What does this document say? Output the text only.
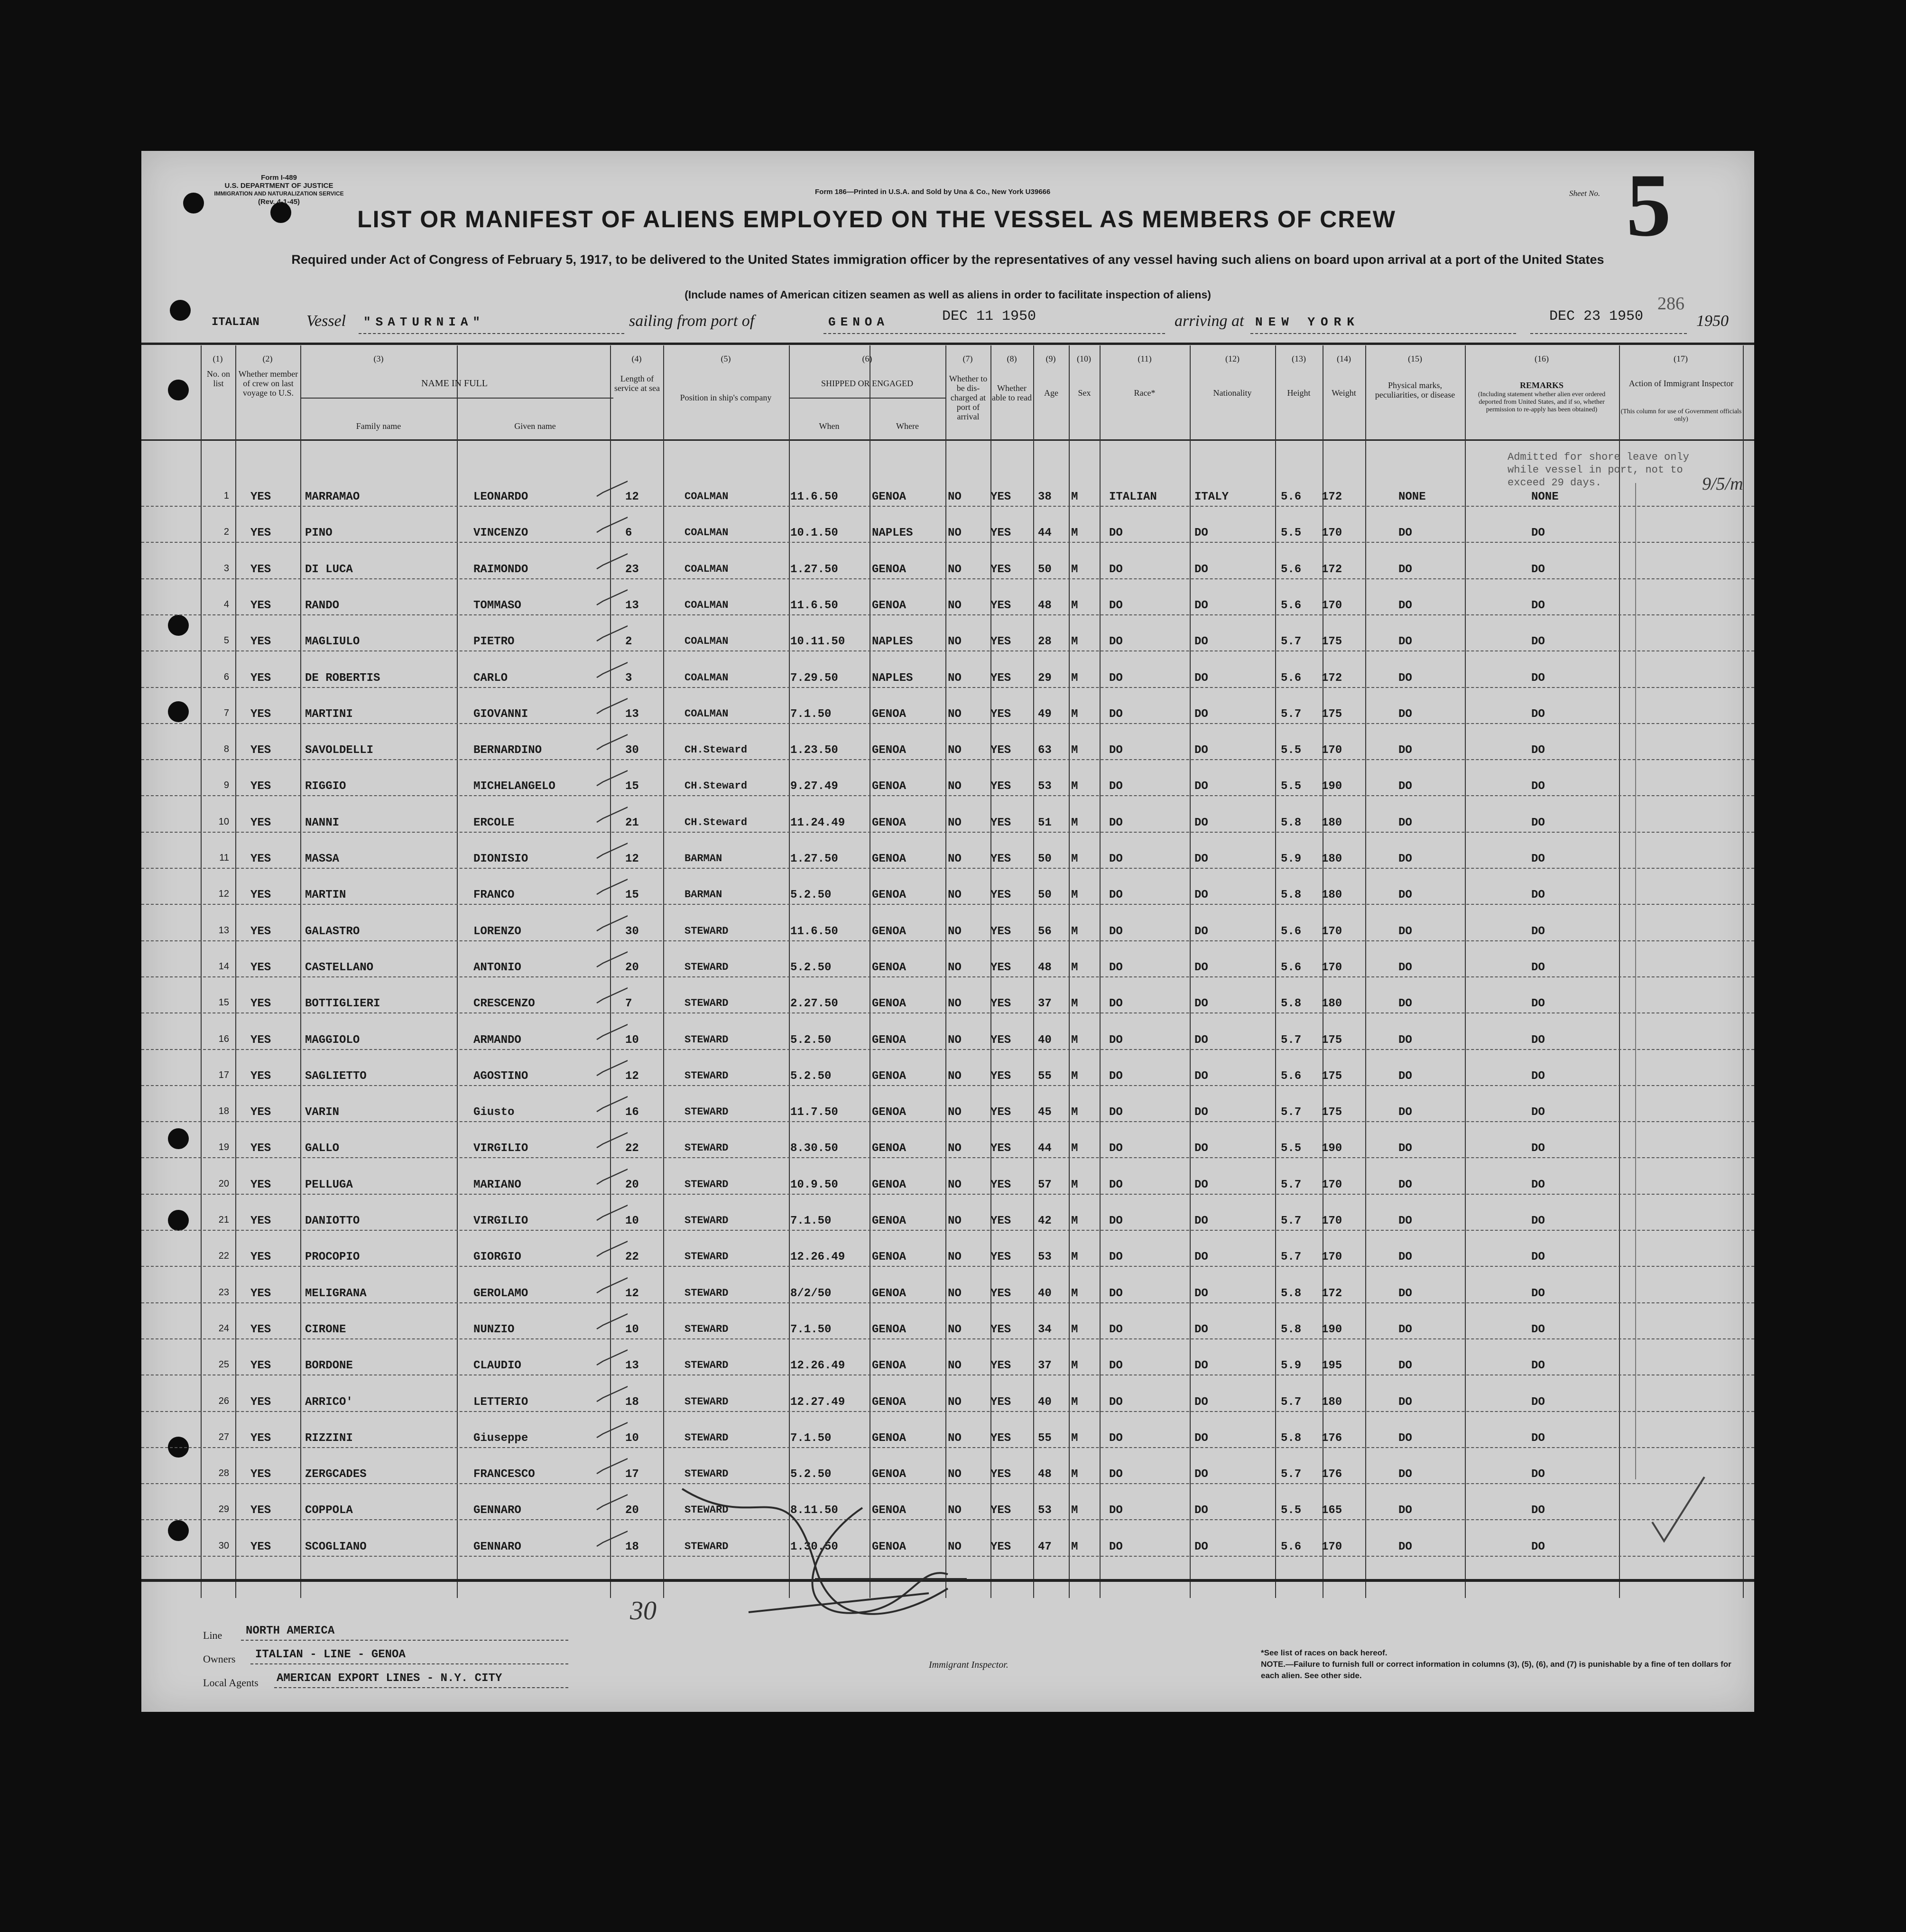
Form I-489
U.S. DEPARTMENT OF JUSTICE
IMMIGRATION AND NATURALIZATION SERVICE
(Rev. 4-1-45)
Form 186—Printed in U.S.A. and Sold by Una & Co., New York U39666	Sheet No. 5
286
LIST OR MANIFEST OF ALIENS EMPLOYED ON THE VESSEL AS MEMBERS OF CREW
Required under Act of Congress of February 5, 1917, to be delivered to the United States immigration officer by the representatives of any vessel having such aliens on board upon arrival at a port of the United States
(Include names of American citizen seamen as well as aliens in order to facilitate inspection of aliens)
ITALIAN	Vessel "SATURNIA"	sailing from port of	GENOA	DEC 11 1950	arriving at NEW YORK	DEC 23 1950	1950
(1)	(2)	(3)	(4)	(5)	(6)	(7)	(8)	(9)	(10)	(11)	(12)	(13)	(14)	(15)	(16)	(17)
No. on list
Whether member of crew on last voyage to U.S.
NAME IN FULL
Family name	Given name
Length of service at sea
Position in ship's company
SHIPPED OR ENGAGED
When	Where
Whether to be dis-charged at port of arrival
Whether able to read	Age	Sex	Race*	Nationality	Height	Weight
Physical marks, peculiarities, or disease
REMARKS
(Including statement whether alien ever ordered deported from United States, and if so, whether permission to re-apply has been obtained)
Action of Immigrant Inspector
(This column for use of Government officials only)
1 YES	MARRAMAO	LEONARDO	12	COALMAN	11.6.50	GENOA	NO	YES 38 M	ITALIAN	ITALY	5.6 172	NONE	NONE
2 YES	PINO	VINCENZO	6	COALMAN	10.1.50	NAPLES	NO	YES 44 M	DO	DO	5.5 170	DO	DO
3 YES	DI LUCA	RAIMONDO	23	COALMAN	1.27.50	GENOA	NO	YES 50 M	DO	DO	5.6 172	DO	DO
4 YES	RANDO	TOMMASO	13	COALMAN	11.6.50	GENOA	NO	YES 48 M	DO	DO	5.6 170	DO	DO
5 YES	MAGLIULO	PIETRO	2	COALMAN	10.11.50 NAPLES	NO	YES 28 M	DO	DO	5.7 175	DO	DO
6 YES	DE ROBERTIS	CARLO	3	COALMAN	7.29.50	NAPLES	NO	YES 29 M	DO	DO	5.6 172	DO	DO
7 YES	MARTINI	GIOVANNI	13	COALMAN	7.1.50	GENOA	NO	YES 49 M	DO	DO	5.7 175	DO	DO
8 YES	SAVOLDELLI	BERNARDINO	30	CH.Steward	1.23.50	GENOA	NO	YES 63 M	DO	DO	5.5 170	DO	DO
9 YES	RIGGIO	MICHELANGELO	15	CH.Steward	9.27.49	GENOA	NO	YES 53 M	DO	DO	5.5 190	DO	DO
10 YES	NANNI	ERCOLE	21	CH.Steward	11.24.49 GENOA	NO	YES 51 M	DO	DO	5.8 180	DO	DO
11 YES	MASSA	DIONISIO	12	BARMAN	1.27.50	GENOA	NO	YES 50 M	DO	DO	5.9 180	DO	DO
12 YES	MARTIN	FRANCO	15	BARMAN	5.2.50	GENOA	NO	YES 50 M	DO	DO	5.8 180	DO	DO
13 YES	GALASTRO	LORENZO	30	STEWARD	11.6.50	GENOA	NO	YES 56 M	DO	DO	5.6 170	DO	DO
14 YES	CASTELLANO	ANTONIO	20	STEWARD	5.2.50	GENOA	NO	YES 48 M	DO	DO	5.6 170	DO	DO
15 YES	BOTTIGLIERI	CRESCENZO	7	STEWARD	2.27.50	GENOA	NO	YES 37 M	DO	DO	5.8 180	DO	DO
16 YES	MAGGIOLO	ARMANDO	10	STEWARD	5.2.50	GENOA	NO	YES 40 M	DO	DO	5.7 175	DO	DO
17 YES	SAGLIETTO	AGOSTINO	12	STEWARD	5.2.50	GENOA	NO	YES 55 M	DO	DO	5.6 175	DO	DO
18 YES	VARIN	Giusto	16	STEWARD	11.7.50	GENOA	NO	YES 45 M	DO	DO	5.7 175	DO	DO
19 YES	GALLO	VIRGILIO	22	STEWARD	8.30.50	GENOA	NO	YES 44 M	DO	DO	5.5 190	DO	DO
20 YES	PELLUGA	MARIANO	20	STEWARD	10.9.50	GENOA	NO	YES 57 M	DO	DO	5.7 170	DO	DO
21 YES	DANIOTTO	VIRGILIO	10	STEWARD	7.1.50	GENOA	NO	YES 42 M	DO	DO	5.7 170	DO	DO
22 YES	PROCOPIO	GIORGIO	22	STEWARD	12.26.49 GENOA	NO	YES 53 M	DO	DO	5.7 170	DO	DO
23 YES	MELIGRANA	GEROLAMO	12	STEWARD	8/2/50	GENOA	NO	YES 40 M	DO	DO	5.8 172	DO	DO
24 YES	CIRONE	NUNZIO	10	STEWARD	7.1.50	GENOA	NO	YES 34 M	DO	DO	5.8 190	DO	DO
25 YES	BORDONE	CLAUDIO	13	STEWARD	12.26.49 GENOA	NO	YES 37 M	DO	DO	5.9 195	DO	DO
26 YES	ARRICO'	LETTERIO	18	STEWARD	12.27.49 GENOA	NO	YES 40 M	DO	DO	5.7 180	DO	DO
27 YES	RIZZINI	Giuseppe	10	STEWARD	7.1.50	GENOA	NO	YES 55 M	DO	DO	5.8 176	DO	DO
28 YES	ZERGCADES	FRANCESCO	17	STEWARD	5.2.50	GENOA	NO	YES 48 M	DO	DO	5.7 176	DO	DO
29 YES	COPPOLA	GENNARO	20	STEWARD	8.11.50	GENOA	NO	YES 53 M	DO	DO	5.5 165	DO	DO
30 YES	SCOGLIANO	GENNARO	18	STEWARD	1.30.50	GENOA	NO	YES 47 M	DO	DO	5.6 170	DO	DO
Admitted for shore leave only while vessel in port, not to exceed 29 days.	9/5/m
Line NORTH AMERICA
Owners ITALIAN - LINE - GENOA
Local Agents AMERICAN EXPORT LINES - N.Y. CITY
*See list of races on back hereof.
NOTE.—Failure to furnish full or correct information in columns (3), (5), (6), and (7) is punishable by a fine of ten dollars for each alien. See other side.
30
Immigrant Inspector.
